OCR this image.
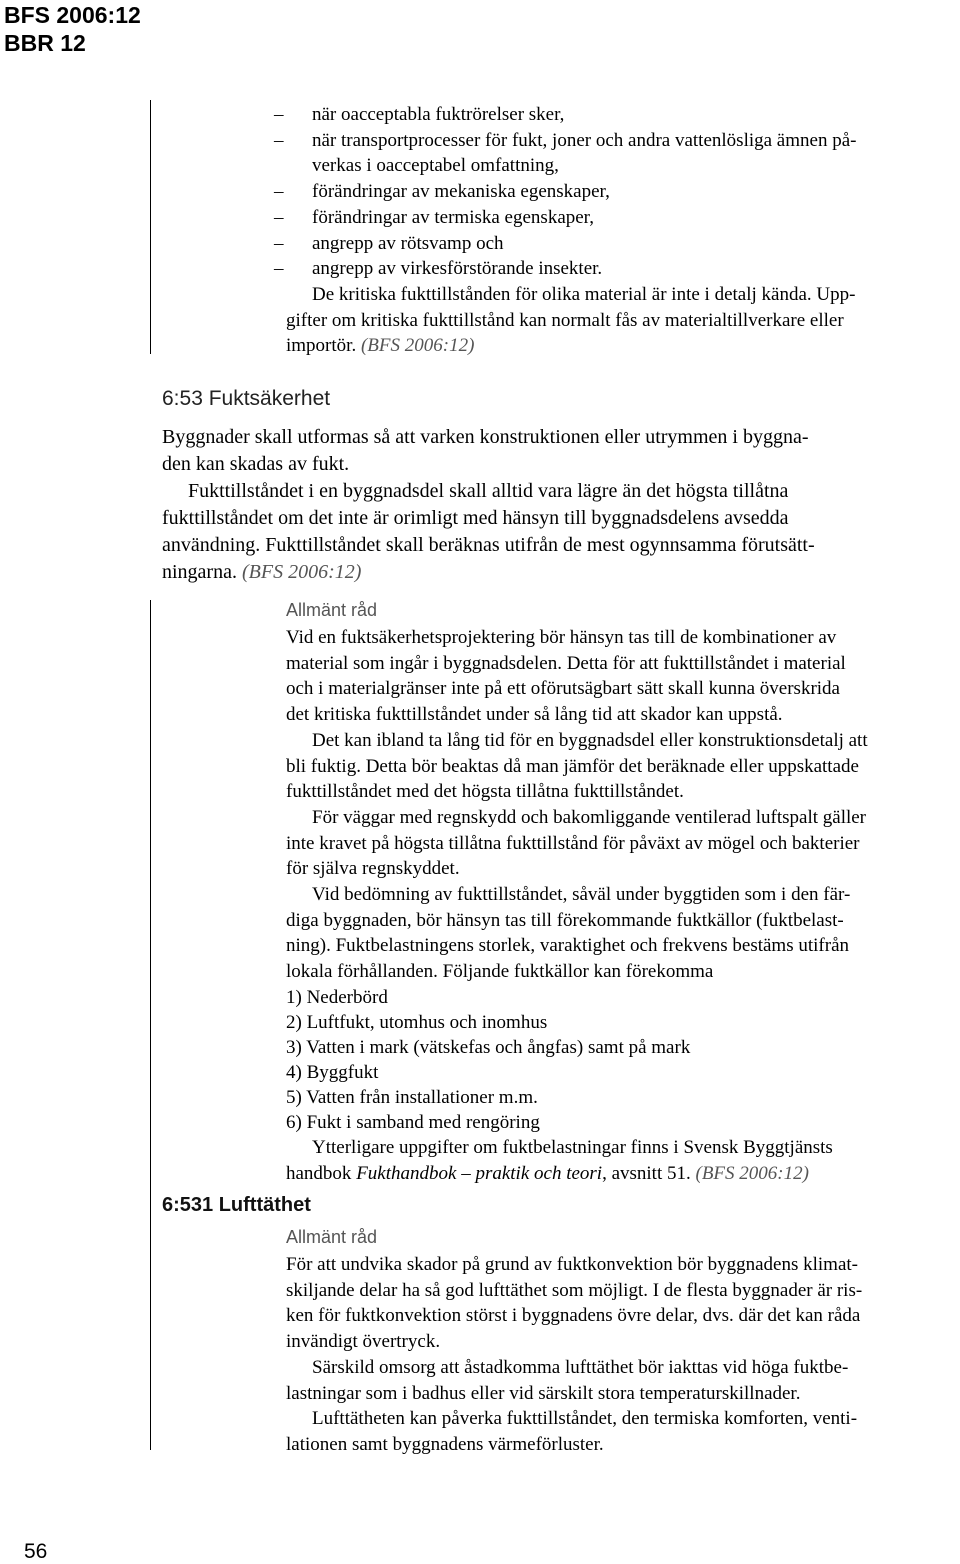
BFS 2006:12
BBR 12
–	när oacceptabla fuktrörelser sker,
–	när transportprocesser för fukt, joner och andra vattenlösliga ämnen på-
verkas i oacceptabel omfattning,
–	förändringar av mekaniska egenskaper,
–	förändringar av termiska egenskaper,
–	angrepp av rötsvamp och
–	angrepp av virkesförstörande insekter.
De kritiska fukttillstånden för olika material är inte i detalj kända. Upp-
gifter om kritiska fukttillstånd kan normalt fås av materialtillverkare eller
importör. (BFS 2006:12)
6:53 Fuktsäkerhet
Byggnader skall utformas så att varken konstruktionen eller utrymmen i byggna-
den kan skadas av fukt.
Fukttillståndet i en byggnadsdel skall alltid vara lägre än det högsta tillåtna
fukttillståndet om det inte är orimligt med hänsyn till byggnadsdelens avsedda
användning. Fukttillståndet skall beräknas utifrån de mest ogynnsamma förutsätt-
ningarna. (BFS 2006:12)
Allmänt råd
Vid en fuktsäkerhetsprojektering bör hänsyn tas till de kombinationer av
material som ingår i byggnadsdelen. Detta för att fukttillståndet i material
och i materialgränser inte på ett oförutsägbart sätt skall kunna överskrida
det kritiska fukttillståndet under så lång tid att skador kan uppstå.
Det kan ibland ta lång tid för en byggnadsdel eller konstruktionsdetalj att
bli fuktig. Detta bör beaktas då man jämför det beräknade eller uppskattade
fukttillståndet med det högsta tillåtna fukttillståndet.
För väggar med regnskydd och bakomliggande ventilerad luftspalt gäller
inte kravet på högsta tillåtna fukttillstånd för påväxt av mögel och bakterier
för själva regnskyddet.
Vid bedömning av fukttillståndet, såväl under byggtiden som i den fär-
diga byggnaden, bör hänsyn tas till förekommande fuktkällor (fuktbelast-
ning). Fuktbelastningens storlek, varaktighet och frekvens bestäms utifrån
lokala förhållanden. Följande fuktkällor kan förekomma
1) Nederbörd
2) Luftfukt, utomhus och inomhus
3) Vatten i mark (vätskefas och ångfas) samt på mark
4) Byggfukt
5) Vatten från installationer m.m.
6) Fukt i samband med rengöring
Ytterligare uppgifter om fuktbelastningar finns i Svensk Byggtjänsts
handbok Fukthandbok – praktik och teori, avsnitt 51. (BFS 2006:12)
6:531 Lufttäthet
Allmänt råd
För att undvika skador på grund av fuktkonvektion bör byggnadens klimat-
skiljande delar ha så god lufttäthet som möjligt. I de flesta byggnader är ris-
ken för fuktkonvektion störst i byggnadens övre delar, dvs. där det kan råda
invändigt övertryck.
Särskild omsorg att åstadkomma lufttäthet bör iakttas vid höga fuktbe-
lastningar som i badhus eller vid särskilt stora temperaturskillnader.
Lufttätheten kan påverka fukttillståndet, den termiska komforten, venti-
lationen samt byggnadens värmeförluster.
56
